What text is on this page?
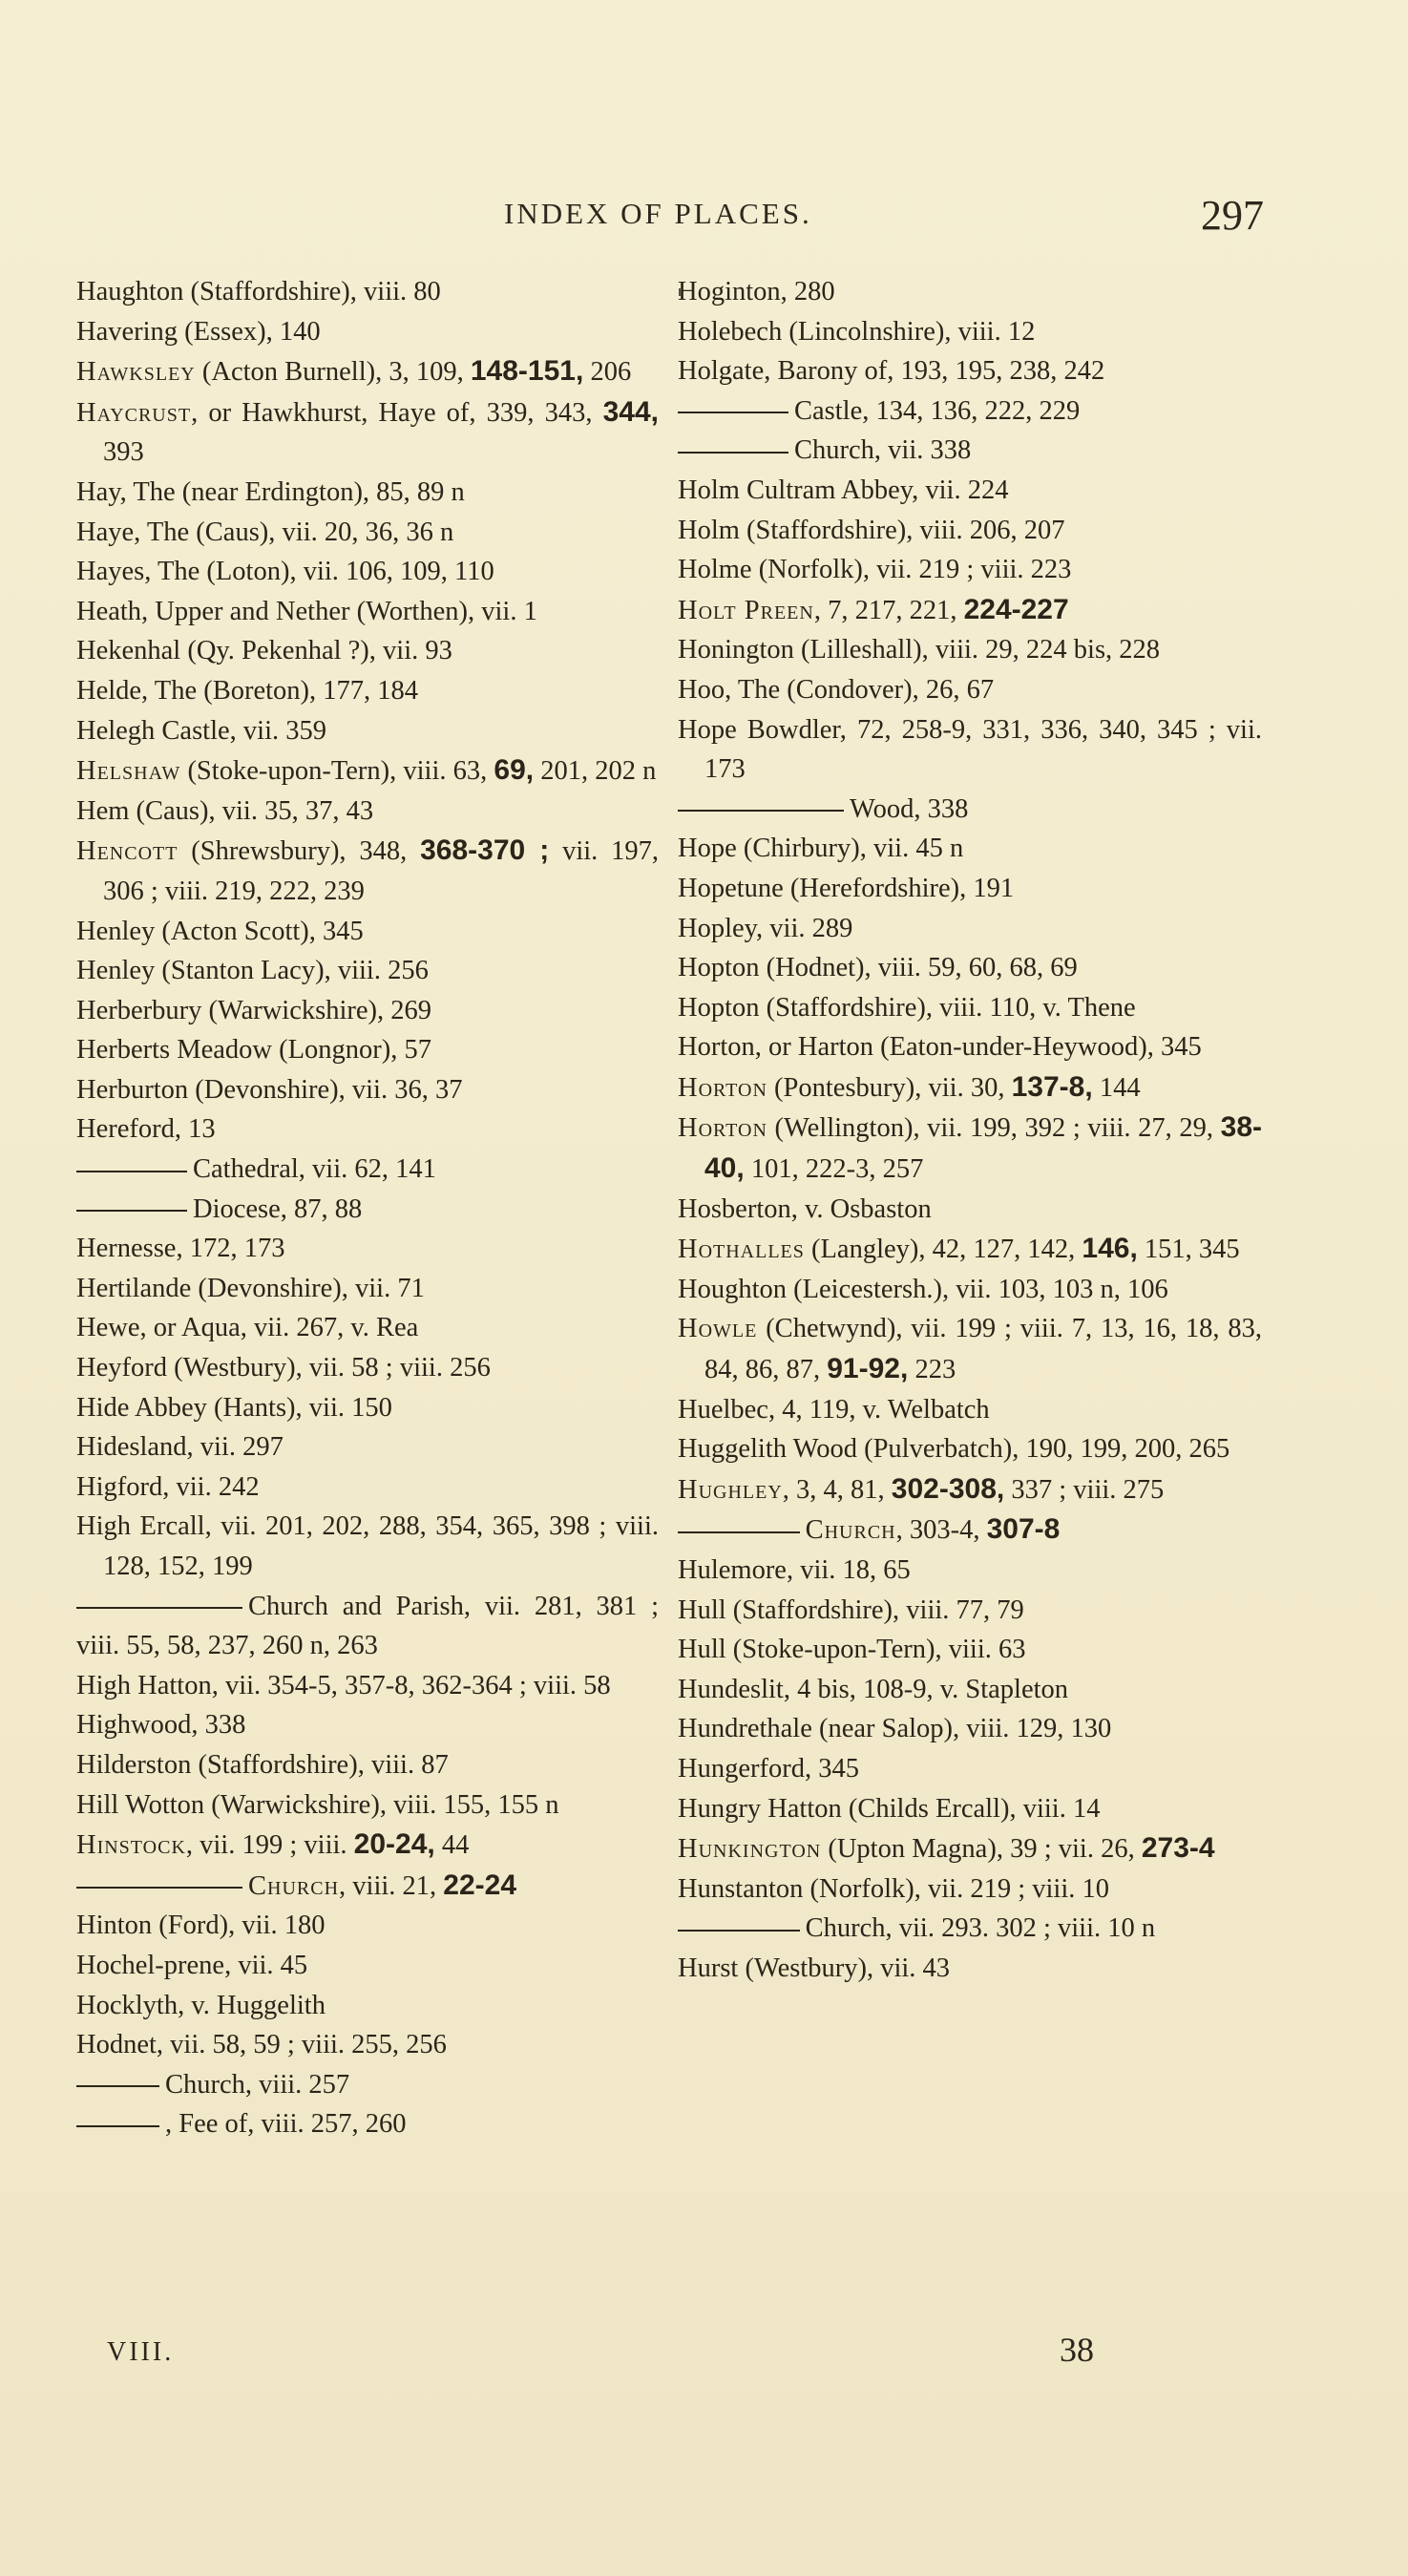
INDEX OF PLACES.	297
Haughton (Staffordshire), viii. 80
Havering (Essex), 140
Hawksley (Acton Burnell), 3, 109, 148-151, 206
Haycrust, or Hawkhurst, Haye of, 339, 343, 344, 393
Hay, The (near Erdington), 85, 89 n
Haye, The (Caus), vii. 20, 36, 36 n
Hayes, The (Loton), vii. 106, 109, 110
Heath, Upper and Nether (Worthen), vii. 1
Hekenhal (Qy. Pekenhal ?), vii. 93
Helde, The (Boreton), 177, 184
Helegh Castle, vii. 359
Helshaw (Stoke-upon-Tern), viii. 63, 69, 201, 202 n
Hem (Caus), vii. 35, 37, 43
Hencott (Shrewsbury), 348, 368-370 ; vii. 197, 306 ; viii. 219, 222, 239
Henley (Acton Scott), 345
Henley (Stanton Lacy), viii. 256
Herberbury (Warwickshire), 269
Herberts Meadow (Longnor), 57
Herburton (Devonshire), vii. 36, 37
Hereford, 13
Cathedral, vii. 62, 141
Diocese, 87, 88
Hernesse, 172, 173
Hertilande (Devonshire), vii. 71
Hewe, or Aqua, vii. 267, v. Rea
Heyford (Westbury), vii. 58 ; viii. 256
Hide Abbey (Hants), vii. 150
Hidesland, vii. 297
Higford, vii. 242
High Ercall, vii. 201, 202, 288, 354, 365, 398 ; viii. 128, 152, 199
Church and Parish, vii. 281, 381 ; viii. 55, 58, 237, 260 n, 263
High Hatton, vii. 354-5, 357-8, 362-364 ; viii. 58
Highwood, 338
Hilderston (Staffordshire), viii. 87
Hill Wotton (Warwickshire), viii. 155, 155 n
Hinstock, vii. 199 ; viii. 20-24, 44
Church, viii. 21, 22-24
Hinton (Ford), vii. 180
Hochel-prene, vii. 45
Hocklyth, v. Huggelith
Hodnet, vii. 58, 59 ; viii. 255, 256
Church, viii. 257
, Fee of, viii. 257, 260
Hoginton, 280
Holebech (Lincolnshire), viii. 12
Holgate, Barony of, 193, 195, 238, 242
Castle, 134, 136, 222, 229
Church, vii. 338
Holm Cultram Abbey, vii. 224
Holm (Staffordshire), viii. 206, 207
Holme (Norfolk), vii. 219 ; viii. 223
Holt Preen, 7, 217, 221, 224-227
Honington (Lilleshall), viii. 29, 224 bis, 228
Hoo, The (Condover), 26, 67
Hope Bowdler, 72, 258-9, 331, 336, 340, 345 ; vii. 173
Wood, 338
Hope (Chirbury), vii. 45 n
Hopetune (Herefordshire), 191
Hopley, vii. 289
Hopton (Hodnet), viii. 59, 60, 68, 69
Hopton (Staffordshire), viii. 110, v. Thene
Horton, or Harton (Eaton-under-Heywood), 345
Horton (Pontesbury), vii. 30, 137-8, 144
Horton (Wellington), vii. 199, 392 ; viii. 27, 29, 38-40, 101, 222-3, 257
Hosberton, v. Osbaston
Hothalles (Langley), 42, 127, 142, 146, 151, 345
Houghton (Leicestersh.), vii. 103, 103 n, 106
Howle (Chetwynd), vii. 199 ; viii. 7, 13, 16, 18, 83, 84, 86, 87, 91-92, 223
Huelbec, 4, 119, v. Welbatch
Huggelith Wood (Pulverbatch), 190, 199, 200, 265
Hughley, 3, 4, 81, 302-308, 337 ; viii. 275
Church, 303-4, 307-8
Hulemore, vii. 18, 65
Hull (Staffordshire), viii. 77, 79
Hull (Stoke-upon-Tern), viii. 63
Hundeslit, 4 bis, 108-9, v. Stapleton
Hundrethale (near Salop), viii. 129, 130
Hungerford, 345
Hungry Hatton (Childs Ercall), viii. 14
Hunkington (Upton Magna), 39 ; vii. 26, 273-4
Hunstanton (Norfolk), vii. 219 ; viii. 10
Church, vii. 293. 302 ; viii. 10 n
Hurst (Westbury), vii. 43
VIII.	38
